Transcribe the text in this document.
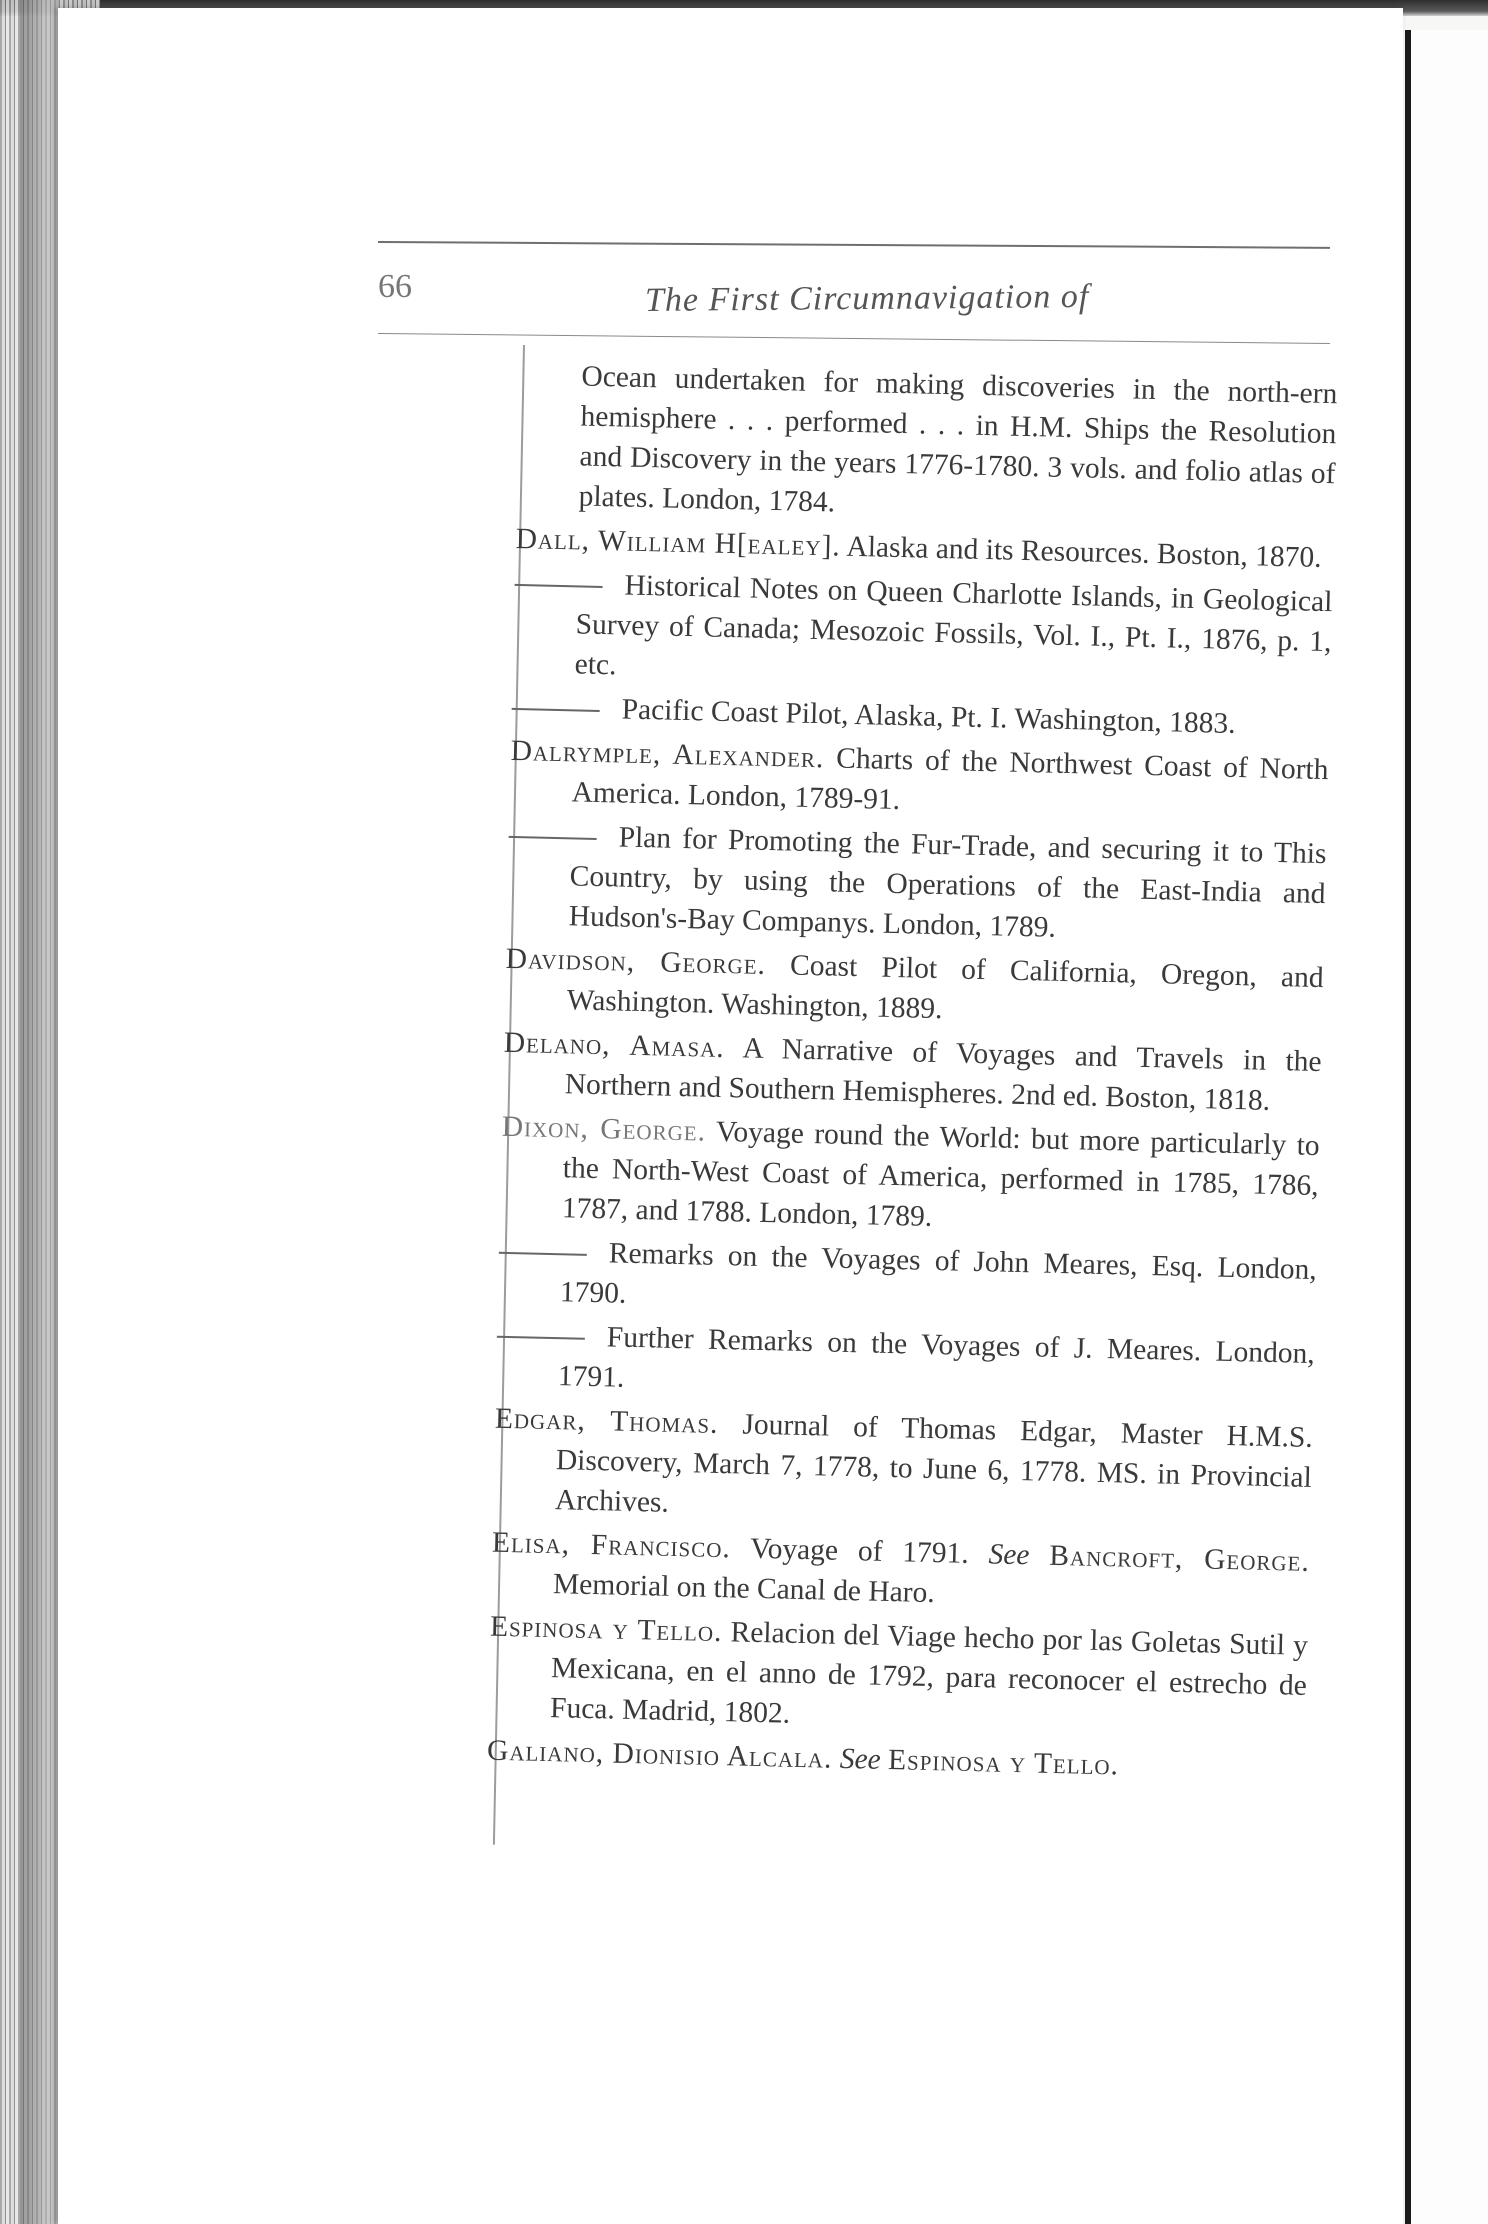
66	The First Circumnavigation of

Ocean undertaken for making discoveries in the north-ern hemisphere . . . performed . . . in H.M. Ships the Resolution and Discovery in the years 1776-1780. 3 vols. and folio atlas of plates. London, 1784.

Dall, William H[ealey]. Alaska and its Resources. Boston, 1870.

Historical Notes on Queen Charlotte Islands, in Geological Survey of Canada; Mesozoic Fossils, Vol. I., Pt. I., 1876, p. 1, etc.

Pacific Coast Pilot, Alaska, Pt. I. Washington, 1883.

Dalrymple, Alexander. Charts of the Northwest Coast of North America. London, 1789-91.

Plan for Promoting the Fur-Trade, and securing it to This Country, by using the Operations of the East-India and Hudson's-Bay Companys. London, 1789.

Davidson, George. Coast Pilot of California, Oregon, and Washington. Washington, 1889.

Delano, Amasa. A Narrative of Voyages and Travels in the Northern and Southern Hemispheres. 2nd ed. Boston, 1818.

Dixon, George. Voyage round the World: but more particularly to the North-West Coast of America, performed in 1785, 1786, 1787, and 1788. London, 1789.

Remarks on the Voyages of John Meares, Esq. London, 1790.

Further Remarks on the Voyages of J. Meares. London, 1791.

Edgar, Thomas. Journal of Thomas Edgar, Master H.M.S. Discovery, March 7, 1778, to June 6, 1778. MS. in Provincial Archives.

Elisa, Francisco. Voyage of 1791. See Bancroft, George. Memorial on the Canal de Haro.

Espinosa y Tello. Relacion del Viage hecho por las Goletas Sutil y Mexicana, en el anno de 1792, para reconocer el estrecho de Fuca. Madrid, 1802.

Galiano, Dionisio Alcala. See Espinosa y Tello.
